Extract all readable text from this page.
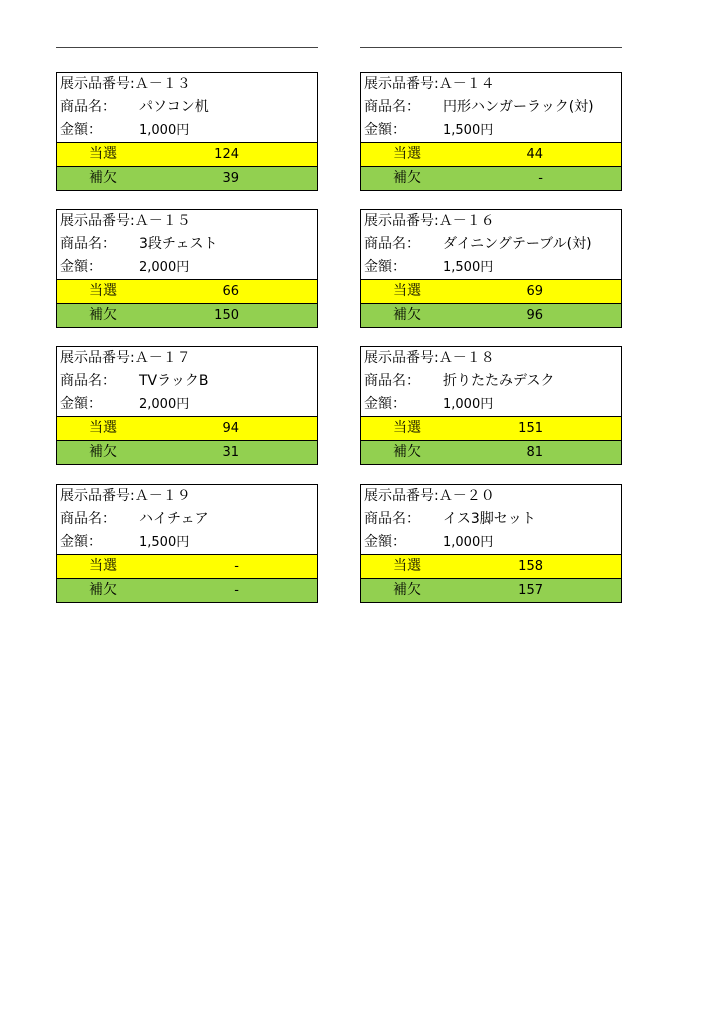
展示品番号:Ａ－１３
商品名： パソコン机
金額：	1,000円
当選	124
補欠	39
展示品番号:Ａ－１４
商品名： 円形ハンガーラック(対)
金額：	1,500円
当選	44
補欠	-
展示品番号:Ａ－１５
商品名： 3段チェスト
金額：	2,000円
当選	66
補欠	150
展示品番号:Ａ－１６
商品名： ダイニングテーブル(対)
金額：	1,500円
当選	69
補欠	96
展示品番号:Ａ－１７
商品名： TVラックB
金額：	2,000円
当選	94
補欠	31
展示品番号:Ａ－１８
商品名： 折りたたみデスク
金額：	1,000円
当選	151
補欠	81
展示品番号:Ａ－１９
商品名： ハイチェア
金額：	1,500円
当選	-
補欠	-
展示品番号:Ａ－２０
商品名： イス3脚セット
金額：	1,000円
当選	158
補欠	157
